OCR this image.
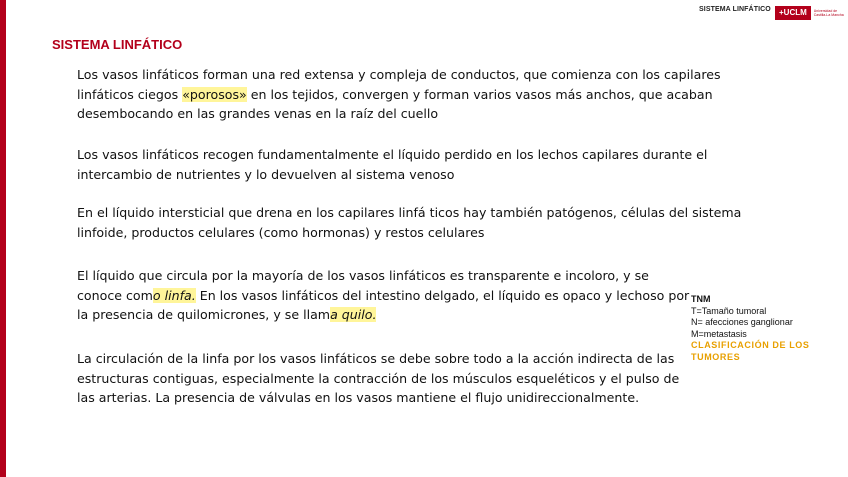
SISTEMA LINFÁTICO	+UCLM	Universidad de Castilla-La Mancha
SISTEMA LINFÁTICO
Los vasos linfáticos forman una red extensa y compleja de conductos, que comienza con los capilares linfáticos ciegos «porosos» en los tejidos, convergen y forman varios vasos más anchos, que acaban desembocando en las grandes venas en la raíz del cuello
Los vasos linfáticos recogen fundamentalmente el líquido perdido en los lechos capilares durante el intercambio de nutrientes y lo devuelven al sistema venoso
En el líquido intersticial que drena en los capilares linfá ticos hay también patógenos, células del sistema linfoide, productos celulares (como hormonas) y restos celulares
El líquido que circula por la mayoría de los vasos linfáticos es transparente e incoloro, y se conoce como linfa. En los vasos linfáticos del intestino delgado, el líquido es opaco y lechoso por la presencia de quilomicrones, y se llama quilo.
La circulación de la linfa por los vasos linfáticos se debe sobre todo a la acción indirecta de las estructuras contiguas, especialmente la contracción de los músculos esqueléticos y el pulso de las arterias. La presencia de válvulas en los vasos mantiene el flujo unidireccionalmente.
TNM
T=Tamaño tumoral
N= afecciones ganglionar
M=metastasis
CLASIFICACIÓN DE LOS TUMORES
